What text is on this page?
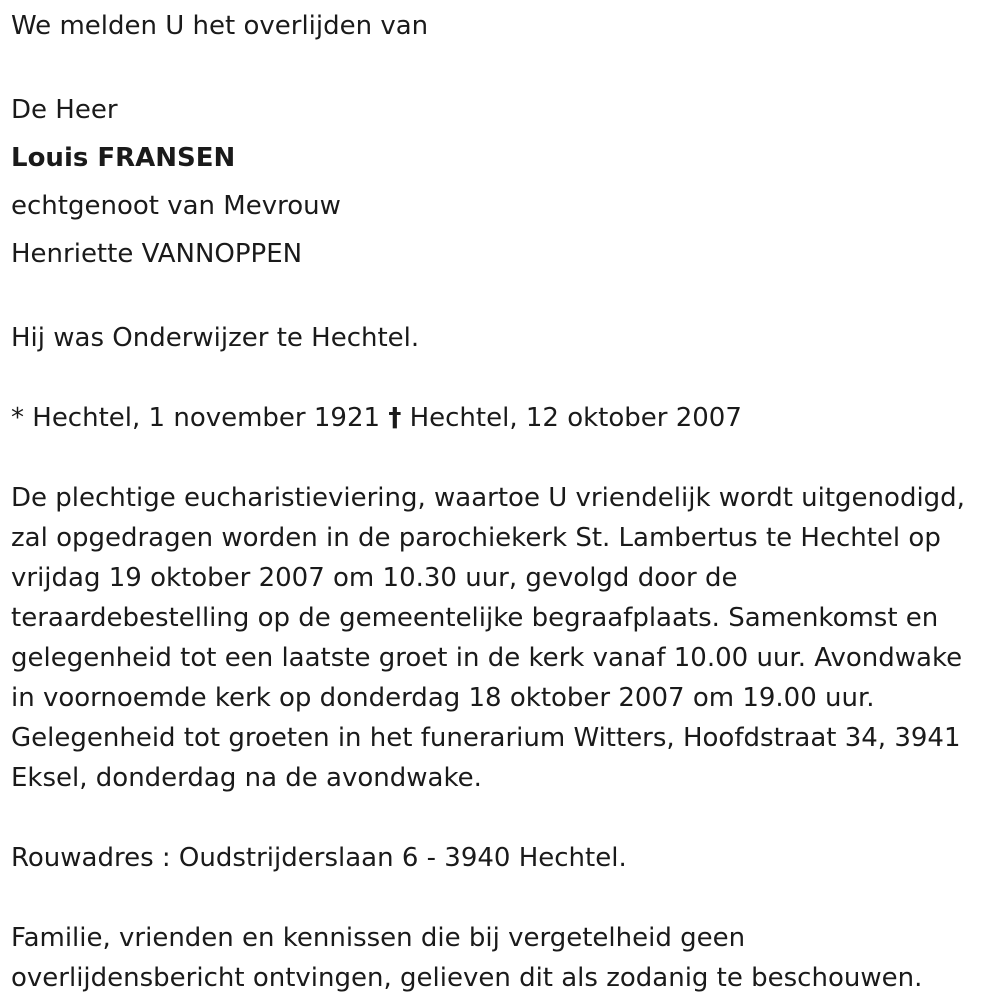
We melden U het overlijden van
De Heer
Louis FRANSEN
echtgenoot van Mevrouw
Henriette VANNOPPEN
Hij was Onderwijzer te Hechtel.
* Hechtel, 1 november 1921 † Hechtel, 12 oktober 2007
De plechtige eucharistieviering, waartoe U vriendelijk wordt uitgenodigd,
zal opgedragen worden in de parochiekerk St. Lambertus te Hechtel op
vrijdag 19 oktober 2007 om 10.30 uur, gevolgd door de
teraardebestelling op de gemeentelijke begraafplaats. Samenkomst en
gelegenheid tot een laatste groet in de kerk vanaf 10.00 uur. Avondwake
in voornoemde kerk op donderdag 18 oktober 2007 om 19.00 uur.
Gelegenheid tot groeten in het funerarium Witters, Hoofdstraat 34, 3941
Eksel, donderdag na de avondwake.
Rouwadres : Oudstrijderslaan 6 - 3940 Hechtel.
Familie, vrienden en kennissen die bij vergetelheid geen
overlijdensbericht ontvingen, gelieven dit als zodanig te beschouwen.
